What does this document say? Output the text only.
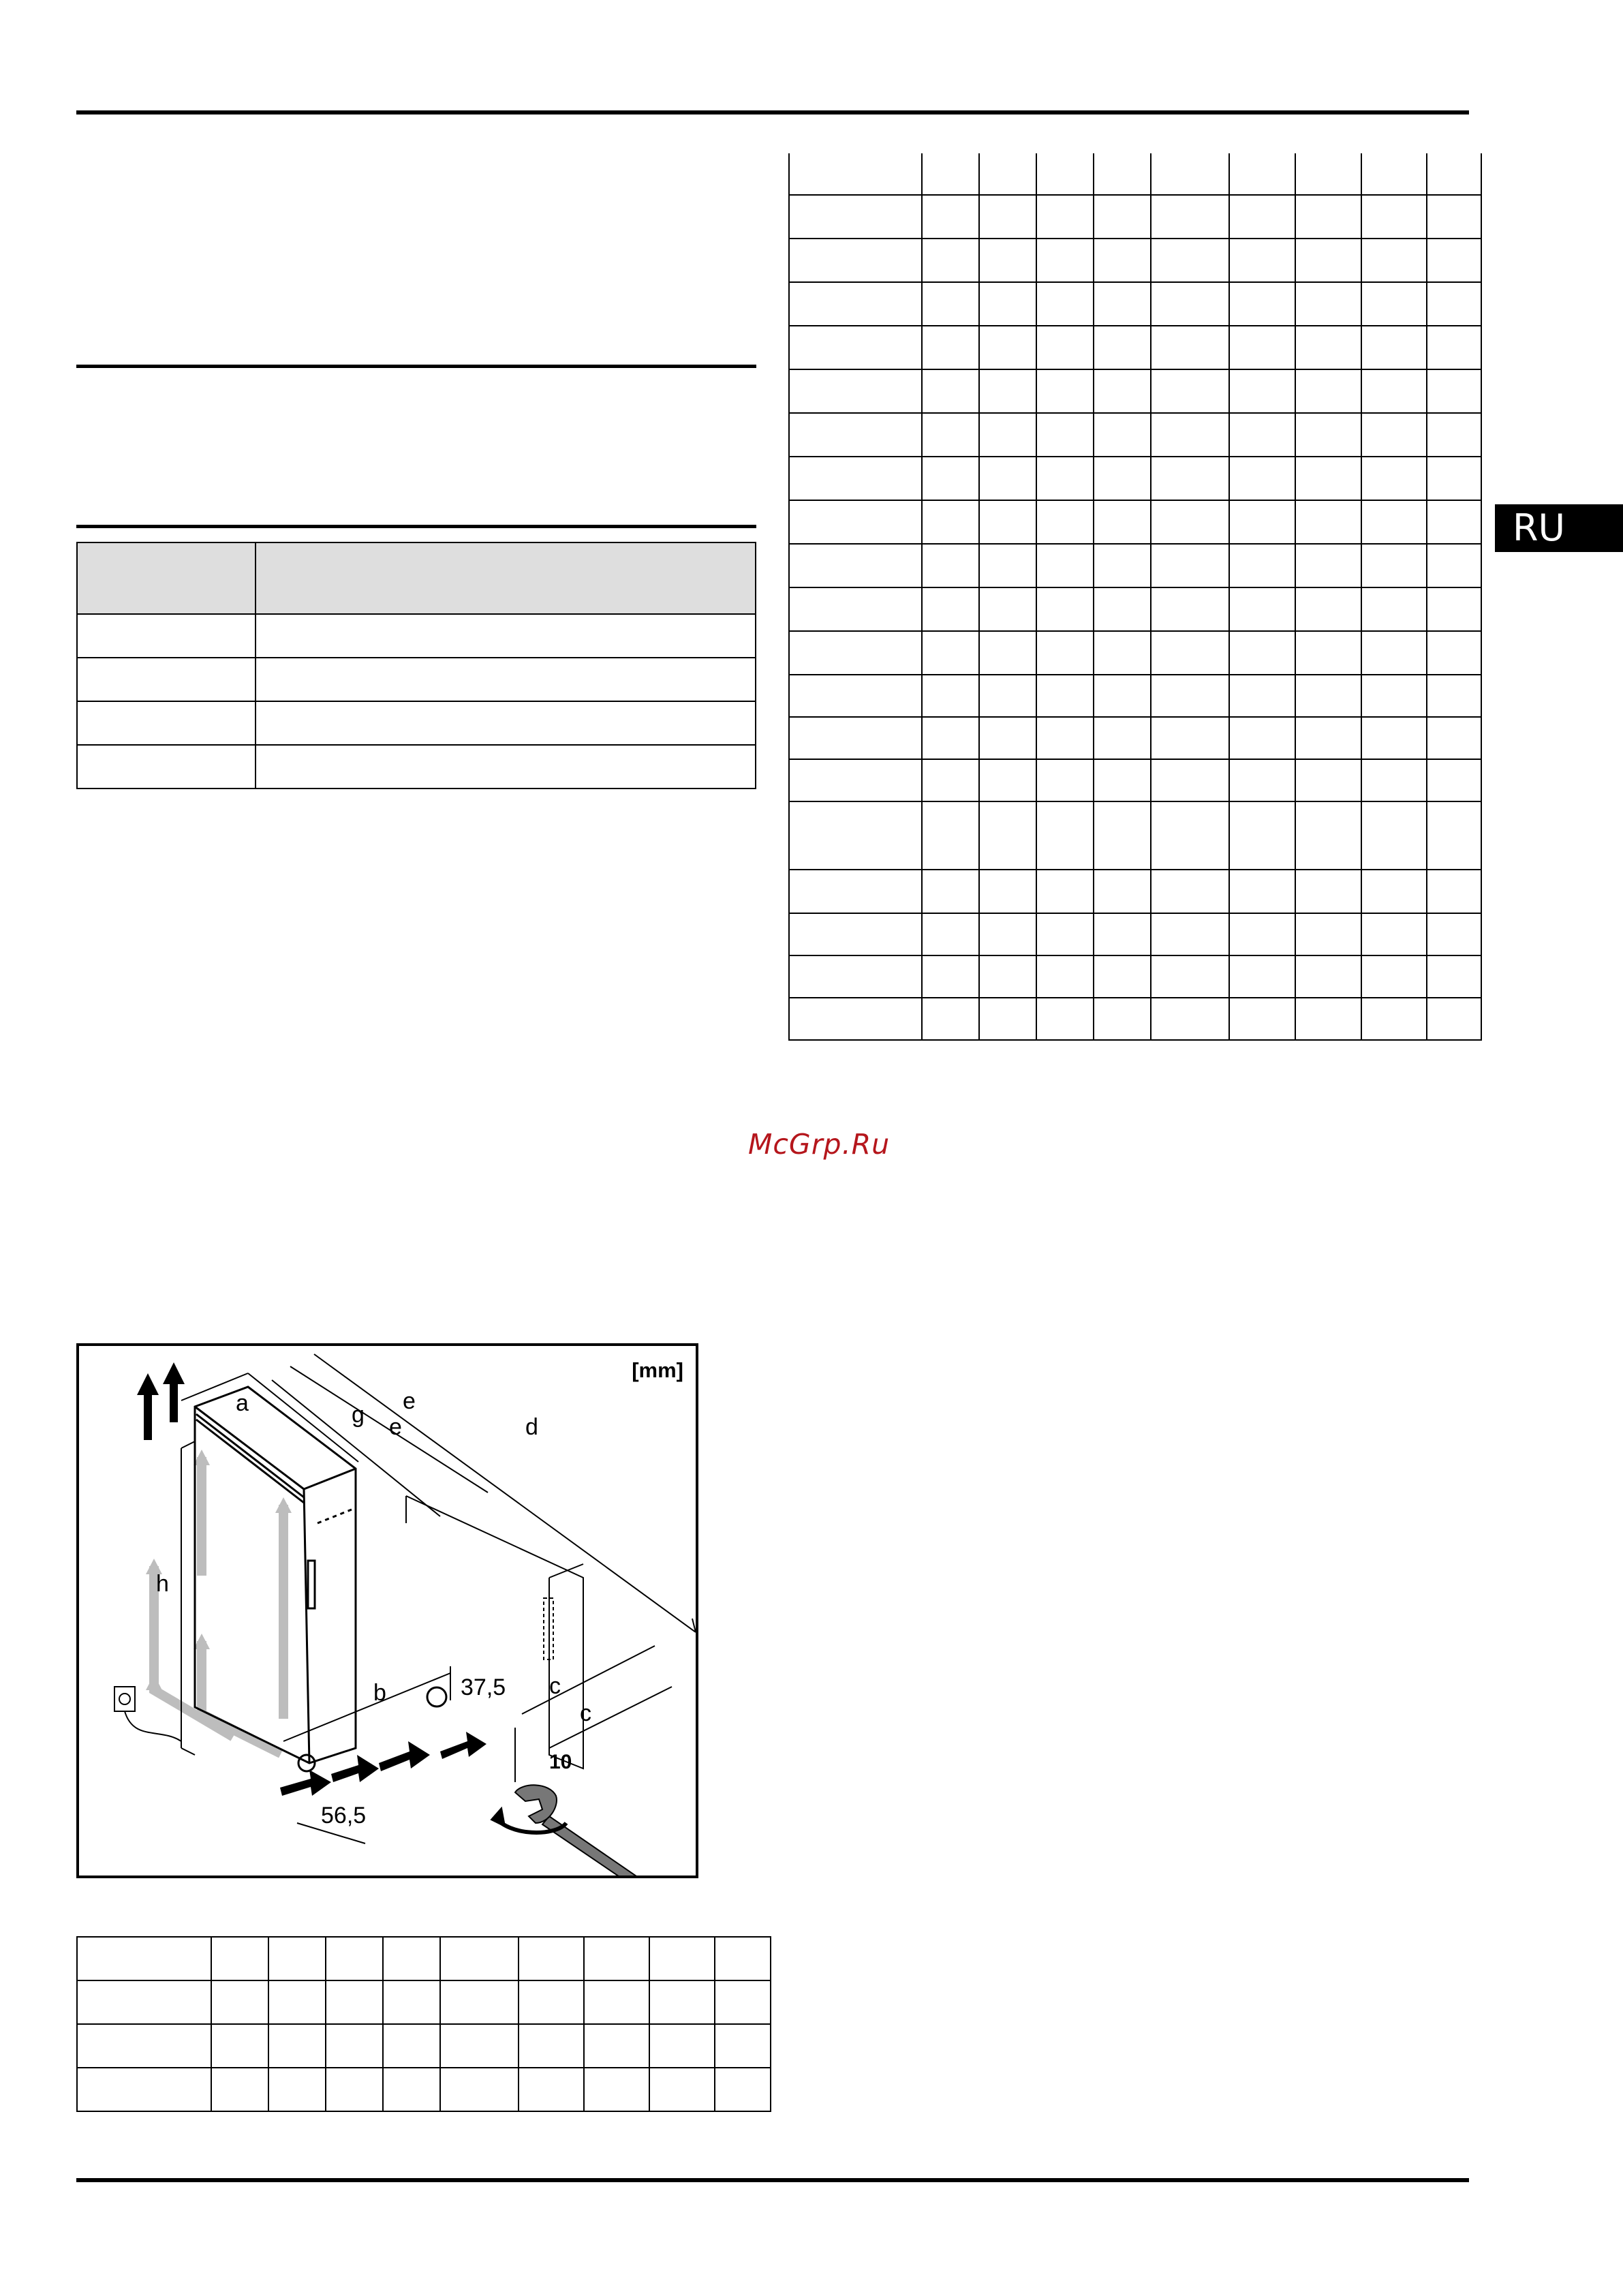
RU

McGrp.Ru
[mm]
a	g e
e
d
h
b	c
c
37,5
56,5
10
